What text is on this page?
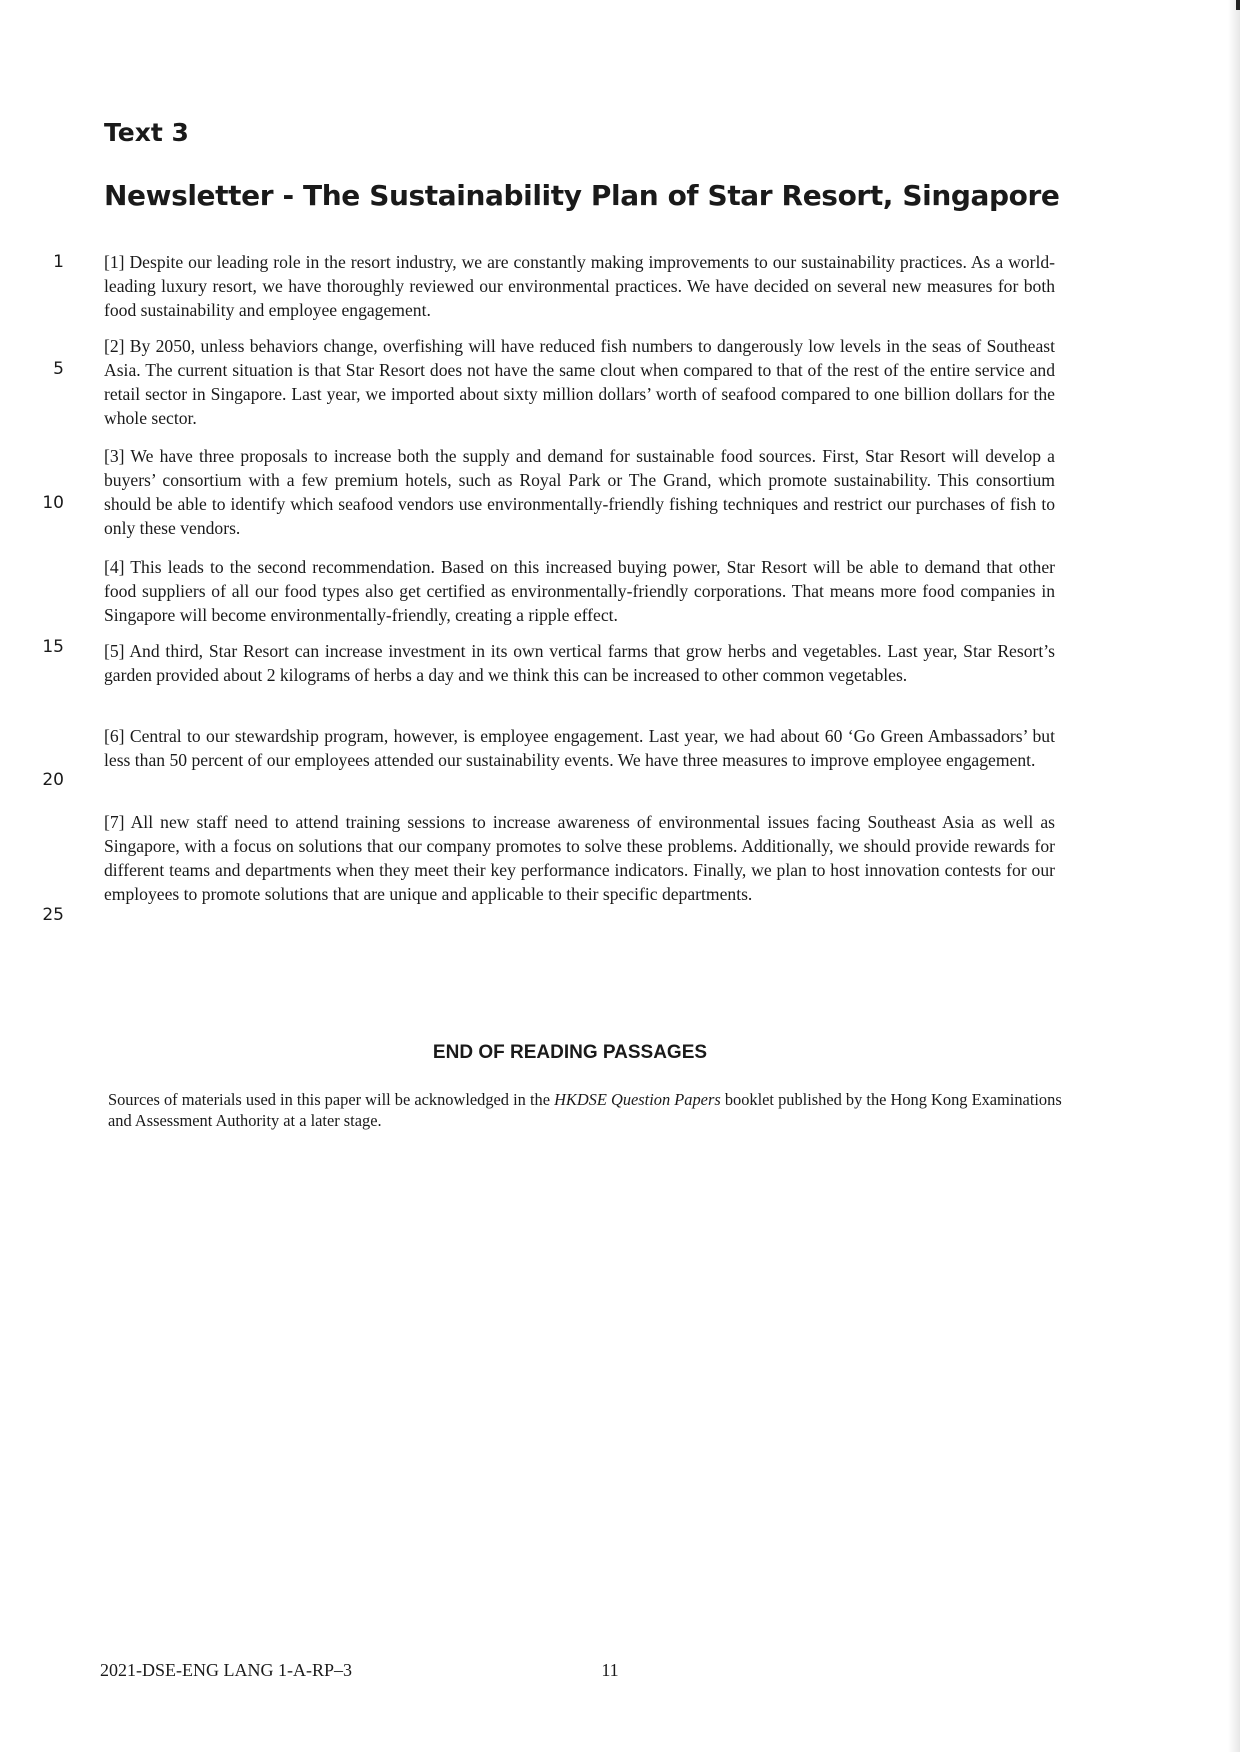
Text 3
Newsletter - The Sustainability Plan of Star Resort, Singapore
1
5
10
15
20
25

[1] Despite our leading role in the resort industry, we are constantly making improvements to our sustainability practices. As a world-leading luxury resort, we have thoroughly reviewed our environmental practices. We have decided on several new measures for both food sustainability and employee engagement.

[2] By 2050, unless behaviors change, overfishing will have reduced fish numbers to dangerously low levels in the seas of Southeast Asia. The current situation is that Star Resort does not have the same clout when compared to that of the rest of the entire service and retail sector in Singapore. Last year, we imported about sixty million dollars’ worth of seafood compared to one billion dollars for the whole sector.

[3] We have three proposals to increase both the supply and demand for sustainable food sources. First, Star Resort will develop a buyers’ consortium with a few premium hotels, such as Royal Park or The Grand, which promote sustainability. This consortium should be able to identify which seafood vendors use environmentally-friendly fishing techniques and restrict our purchases of fish to only these vendors.

[4] This leads to the second recommendation. Based on this increased buying power, Star Resort will be able to demand that other food suppliers of all our food types also get certified as environmentally-friendly corporations. That means more food companies in Singapore will become environmentally-friendly, creating a ripple effect.

[5] And third, Star Resort can increase investment in its own vertical farms that grow herbs and vegetables. Last year, Star Resort’s garden provided about 2 kilograms of herbs a day and we think this can be increased to other common vegetables.

[6] Central to our stewardship program, however, is employee engagement. Last year, we had about 60 ‘Go Green Ambassadors’ but less than 50 percent of our employees attended our sustainability events. We have three measures to improve employee engagement.

[7] All new staff need to attend training sessions to increase awareness of environmental issues facing Southeast Asia as well as Singapore, with a focus on solutions that our company promotes to solve these problems. Additionally, we should provide rewards for different teams and departments when they meet their key performance indicators. Finally, we plan to host innovation contests for our employees to promote solutions that are unique and applicable to their specific departments.

END OF READING PASSAGES

Sources of materials used in this paper will be acknowledged in the HKDSE Question Papers booklet published by the Hong Kong Examinations and Assessment Authority at a later stage.

2021-DSE-ENG LANG 1-A-RP–3	11
